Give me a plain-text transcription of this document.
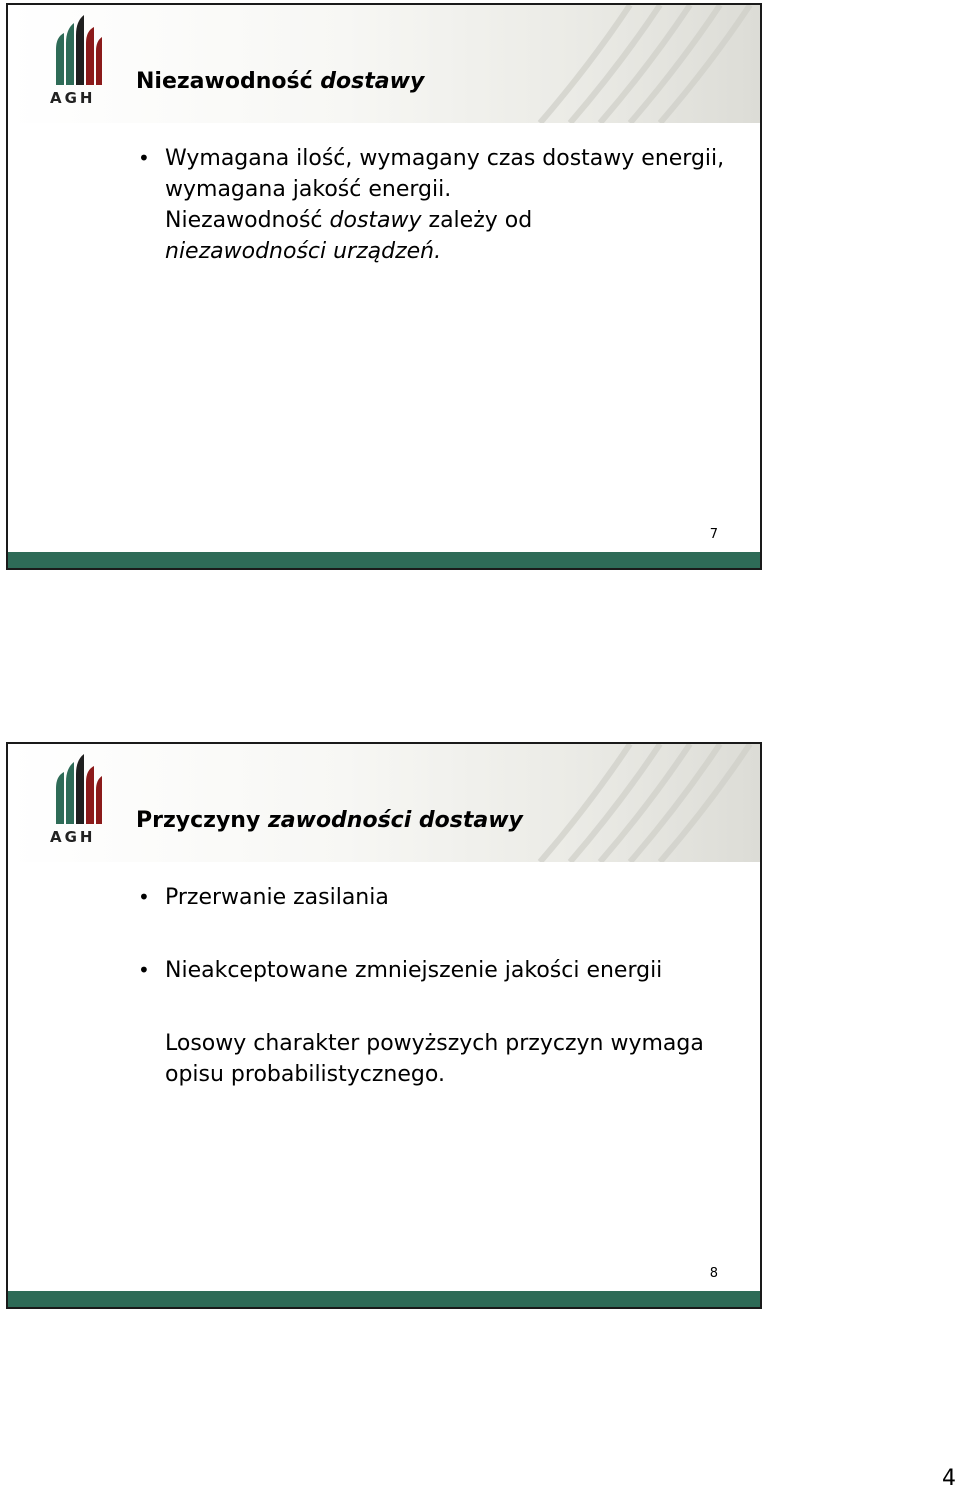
AGH
Niezawodność dostawy
• Wymagana ilość, wymagany czas dostawy energii, wymagana jakość energii.
Niezawodność dostawy zależy od
niezawodności urządzeń.
7
AGH
Przyczyny zawodności dostawy
• Przerwanie zasilania
• Nieakceptowane zmniejszenie jakości energii
Losowy charakter powyższych przyczyn wymaga opisu probabilistycznego.
8
4
